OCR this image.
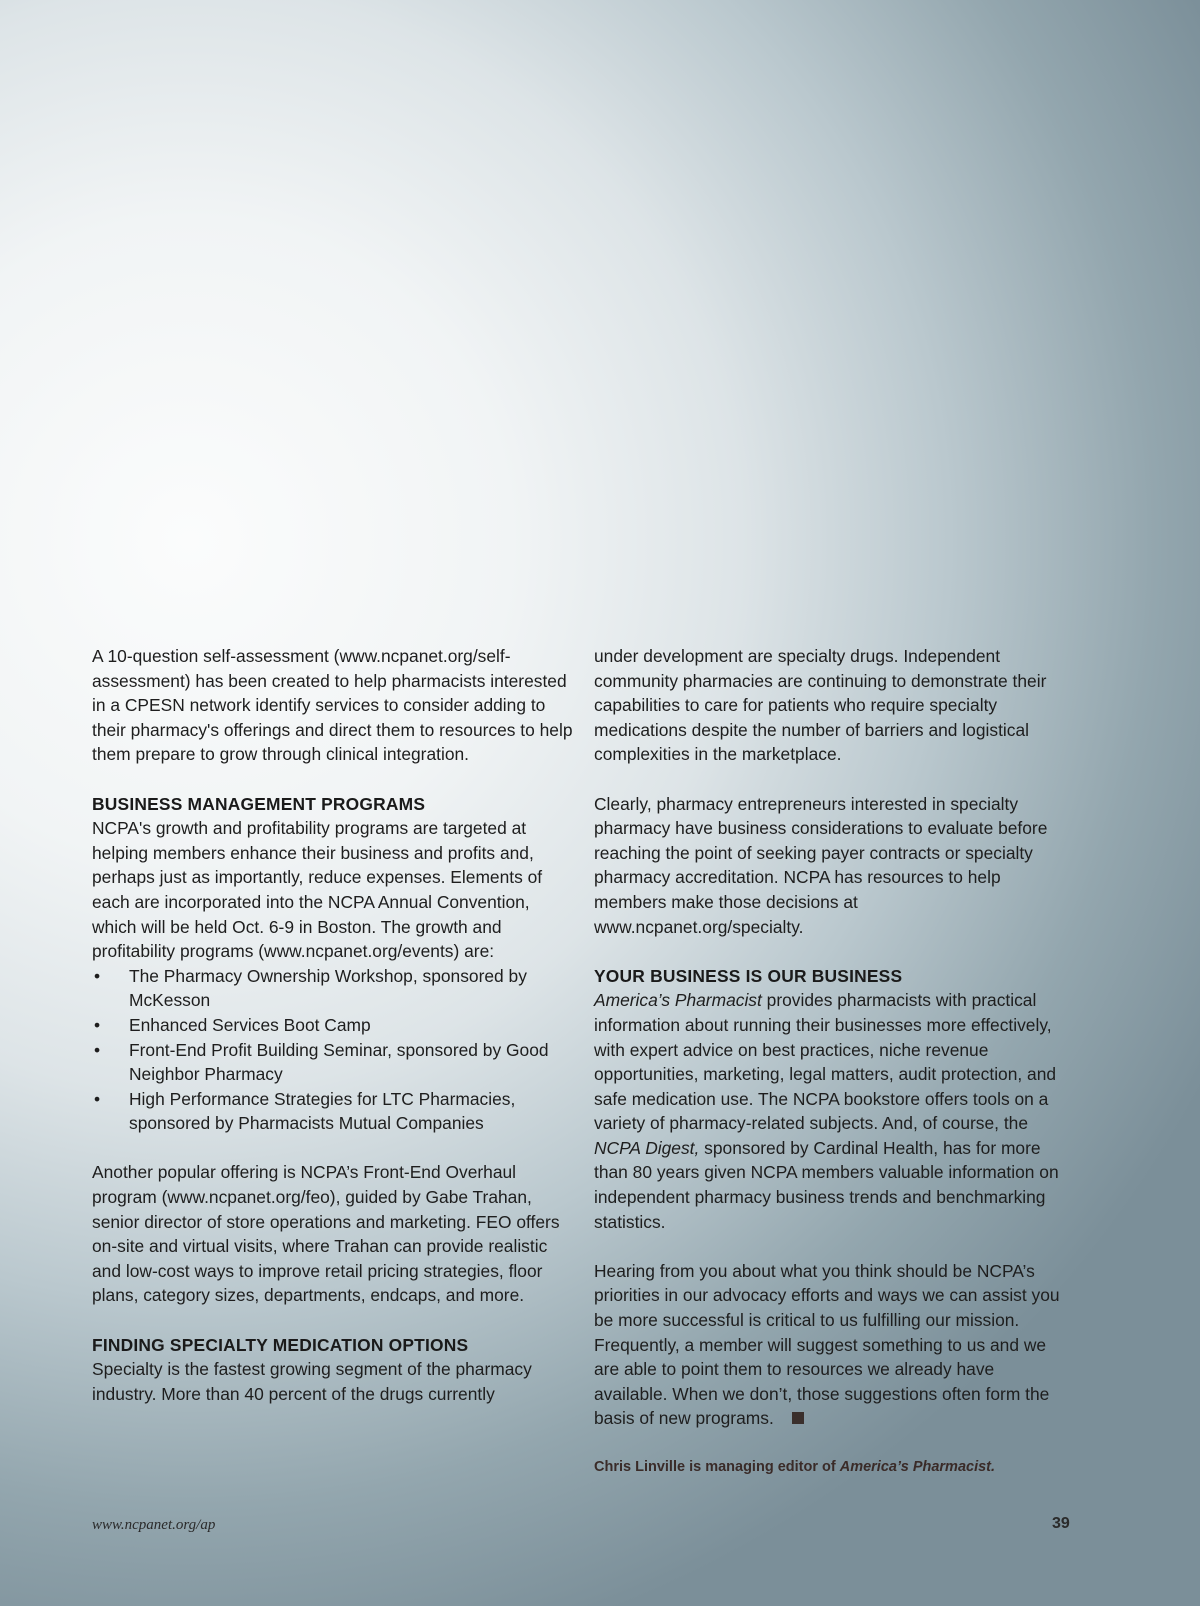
A 10-question self-assessment (www.ncpanet.org/self-assessment) has been created to help pharmacists interested in a CPESN network identify services to consider adding to their pharmacy's offerings and direct them to resources to help them prepare to grow through clinical integration.

BUSINESS MANAGEMENT PROGRAMS

NCPA's growth and profitability programs are targeted at helping members enhance their business and profits and, perhaps just as importantly, reduce expenses. Elements of each are incorporated into the NCPA Annual Convention, which will be held Oct. 6-9 in Boston. The growth and profitability programs (www.ncpanet.org/events) are:

• The Pharmacy Ownership Workshop, sponsored by McKesson
• Enhanced Services Boot Camp
• Front-End Profit Building Seminar, sponsored by Good Neighbor Pharmacy
• High Performance Strategies for LTC Pharmacies, sponsored by Pharmacists Mutual Companies

Another popular offering is NCPA’s Front-End Overhaul program (www.ncpanet.org/feo), guided by Gabe Trahan, senior director of store operations and marketing. FEO offers on-site and virtual visits, where Trahan can provide realistic and low-cost ways to improve retail pricing strategies, floor plans, category sizes, departments, endcaps, and more.

FINDING SPECIALTY MEDICATION OPTIONS

Specialty is the fastest growing segment of the pharmacy industry. More than 40 percent of the drugs currently

under development are specialty drugs. Independent community pharmacies are continuing to demonstrate their capabilities to care for patients who require specialty medications despite the number of barriers and logistical complexities in the marketplace.

Clearly, pharmacy entrepreneurs interested in specialty pharmacy have business considerations to evaluate before reaching the point of seeking payer contracts or specialty pharmacy accreditation. NCPA has resources to help members make those decisions at www.ncpanet.org/specialty.

YOUR BUSINESS IS OUR BUSINESS

America’s Pharmacist provides pharmacists with practical information about running their businesses more effectively, with expert advice on best practices, niche revenue opportunities, marketing, legal matters, audit protection, and safe medication use. The NCPA bookstore offers tools on a variety of pharmacy-related subjects. And, of course, the NCPA Digest, sponsored by Cardinal Health, has for more than 80 years given NCPA members valuable information on independent pharmacy business trends and benchmarking statistics.

Hearing from you about what you think should be NCPA’s priorities in our advocacy efforts and ways we can assist you be more successful is critical to us fulfilling our mission. Frequently, a member will suggest something to us and we are able to point them to resources we already have available. When we don’t, those suggestions often form the basis of new programs.

Chris Linville is managing editor of America’s Pharmacist.

www.ncpanet.org/ap	39
